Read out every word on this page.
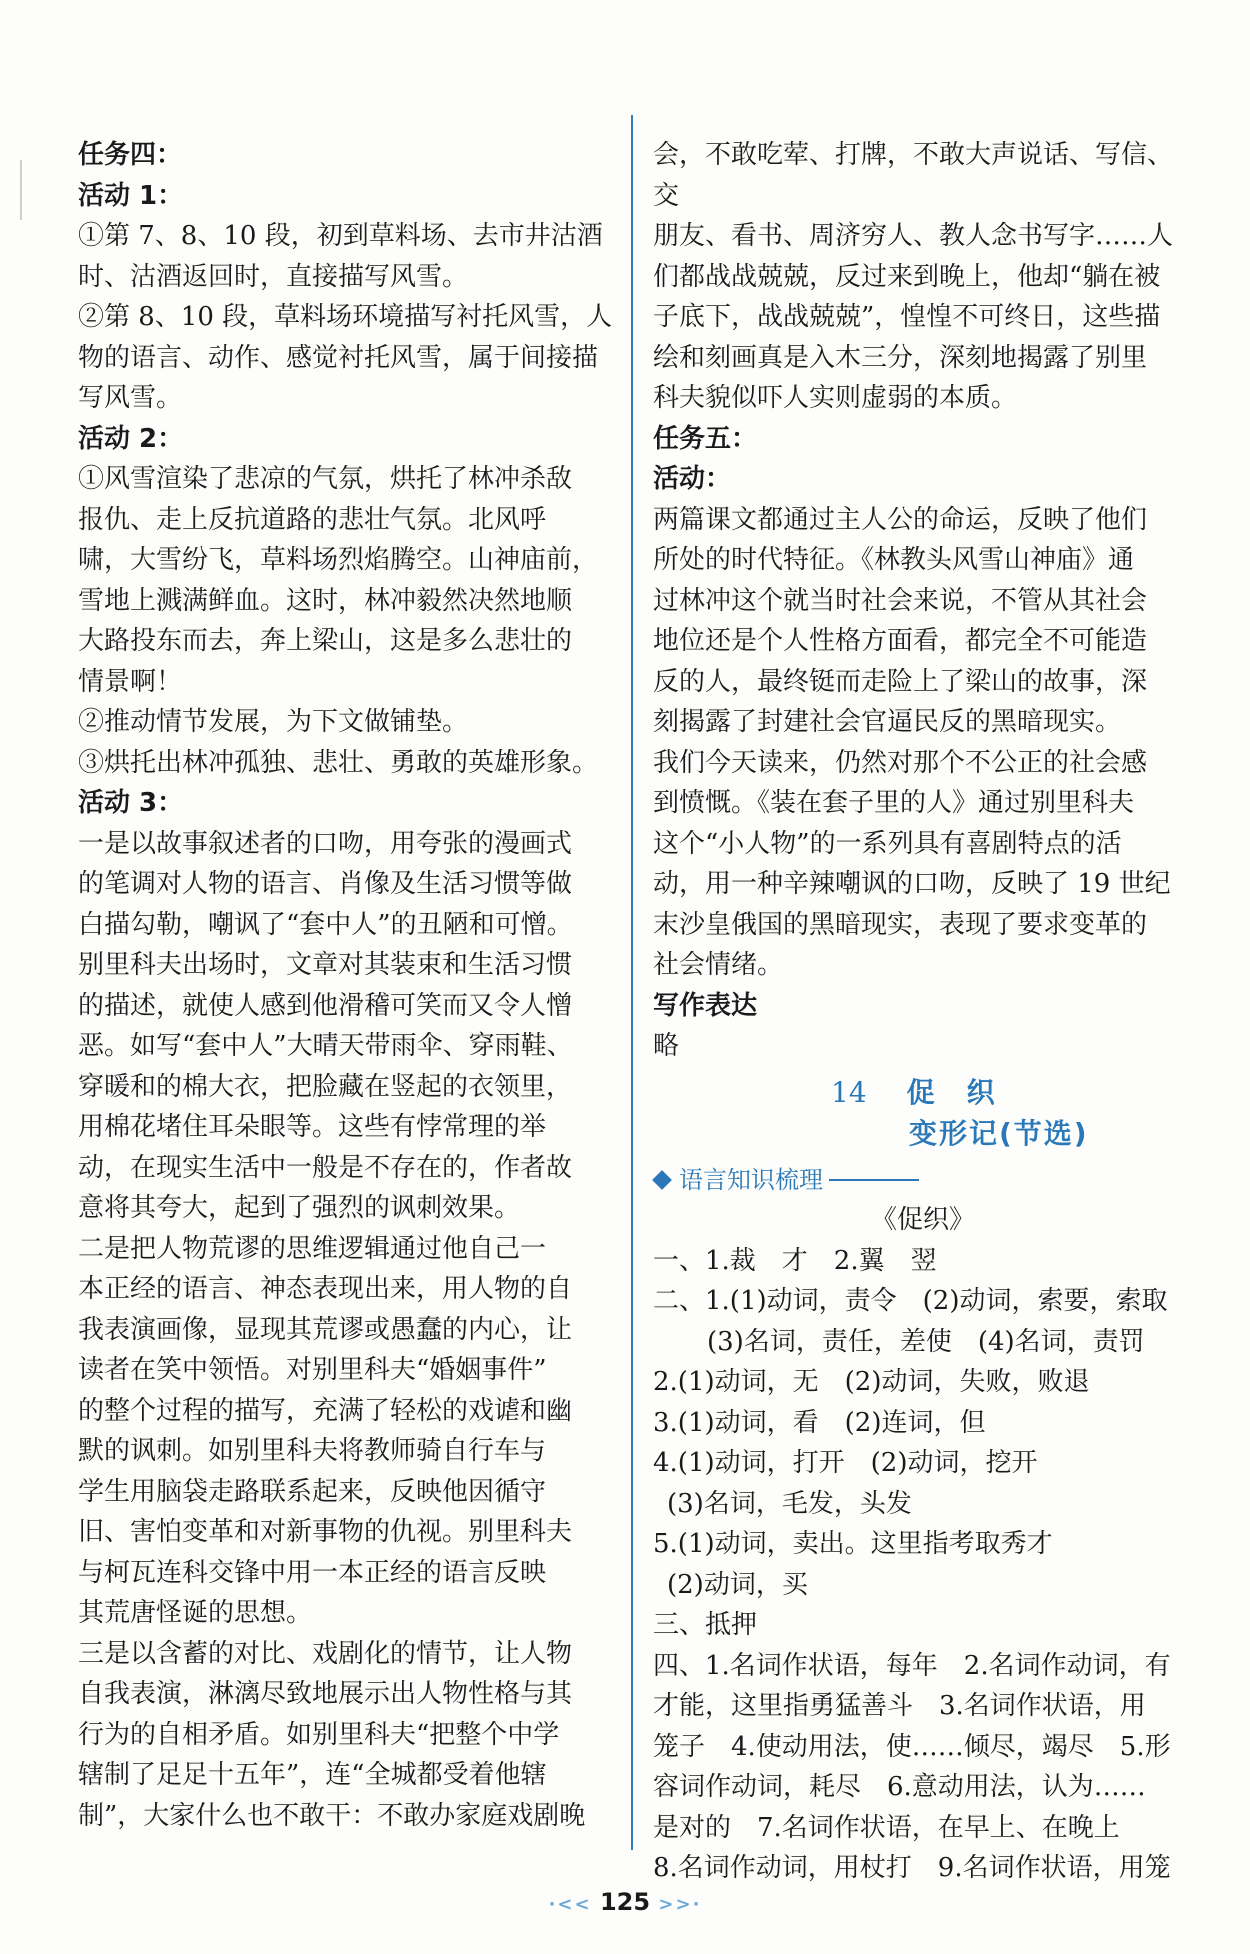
任务四：

活动 1：

①第 7、8、10 段，初到草料场、去市井沽酒

时、沽酒返回时，直接描写风雪。

②第 8、10 段，草料场环境描写衬托风雪，人

物的语言、动作、感觉衬托风雪，属于间接描

写风雪。

活动 2：

①风雪渲染了悲凉的气氛，烘托了林冲杀敌

报仇、走上反抗道路的悲壮气氛。北风呼

啸，大雪纷飞，草料场烈焰腾空。山神庙前，

雪地上溅满鲜血。这时，林冲毅然决然地顺

大路投东而去，奔上梁山，这是多么悲壮的

情景啊！

②推动情节发展，为下文做铺垫。

③烘托出林冲孤独、悲壮、勇敢的英雄形象。

活动 3：

一是以故事叙述者的口吻，用夸张的漫画式

的笔调对人物的语言、肖像及生活习惯等做

白描勾勒，嘲讽了“套中人”的丑陋和可憎。

别里科夫出场时，文章对其装束和生活习惯

的描述，就使人感到他滑稽可笑而又令人憎

恶。如写“套中人”大晴天带雨伞、穿雨鞋、

穿暖和的棉大衣，把脸藏在竖起的衣领里，

用棉花堵住耳朵眼等。这些有悖常理的举

动，在现实生活中一般是不存在的，作者故

意将其夸大，起到了强烈的讽刺效果。

二是把人物荒谬的思维逻辑通过他自己一

本正经的语言、神态表现出来，用人物的自

我表演画像，显现其荒谬或愚蠢的内心，让

读者在笑中领悟。对别里科夫“婚姻事件”

的整个过程的描写，充满了轻松的戏谑和幽

默的讽刺。如别里科夫将教师骑自行车与

学生用脑袋走路联系起来，反映他因循守

旧、害怕变革和对新事物的仇视。别里科夫

与柯瓦连科交锋中用一本正经的语言反映

其荒唐怪诞的思想。

三是以含蓄的对比、戏剧化的情节，让人物

自我表演，淋漓尽致地展示出人物性格与其

行为的自相矛盾。如别里科夫“把整个中学

辖制了足足十五年”，连“全城都受着他辖

制”，大家什么也不敢干：不敢办家庭戏剧晚

会，不敢吃荤、打牌，不敢大声说话、写信、交

朋友、看书、周济穷人、教人念书写字……人

们都战战兢兢，反过来到晚上，他却“躺在被

子底下，战战兢兢”，惶惶不可终日，这些描

绘和刻画真是入木三分，深刻地揭露了别里

科夫貌似吓人实则虚弱的本质。

任务五：

活动：

两篇课文都通过主人公的命运，反映了他们

所处的时代特征。《林教头风雪山神庙》通

过林冲这个就当时社会来说，不管从其社会

地位还是个人性格方面看，都完全不可能造

反的人，最终铤而走险上了梁山的故事，深

刻揭露了封建社会官逼民反的黑暗现实。

我们今天读来，仍然对那个不公正的社会感

到愤慨。《装在套子里的人》通过别里科夫

这个“小人物”的一系列具有喜剧特点的活

动，用一种辛辣嘲讽的口吻，反映了 19 世纪

末沙皇俄国的黑暗现实，表现了要求变革的

社会情绪。

写作表达

略

14 促　织

变形记(节选)

语言知识梳理

《促织》

一、1.裁　才　2.翼　翌

二、1.(1)动词，责令　(2)动词，索要，索取

(3)名词，责任，差使　(4)名词，责罚

2.(1)动词，无　(2)动词，失败，败退

3.(1)动词，看　(2)连词，但

4.(1)动词，打开　(2)动词，挖开

(3)名词，毛发，头发

5.(1)动词，卖出。这里指考取秀才

(2)动词，买

三、抵押

四、1.名词作状语，每年　2.名词作动词，有

才能，这里指勇猛善斗　3.名词作状语，用

笼子　4.使动用法，使……倾尽，竭尽　5.形

容词作动词，耗尽　6.意动用法，认为……

是对的　7.名词作状语，在早上、在晚上

8.名词作动词，用杖打　9.名词作状语，用笼

·<< 125 >>·
